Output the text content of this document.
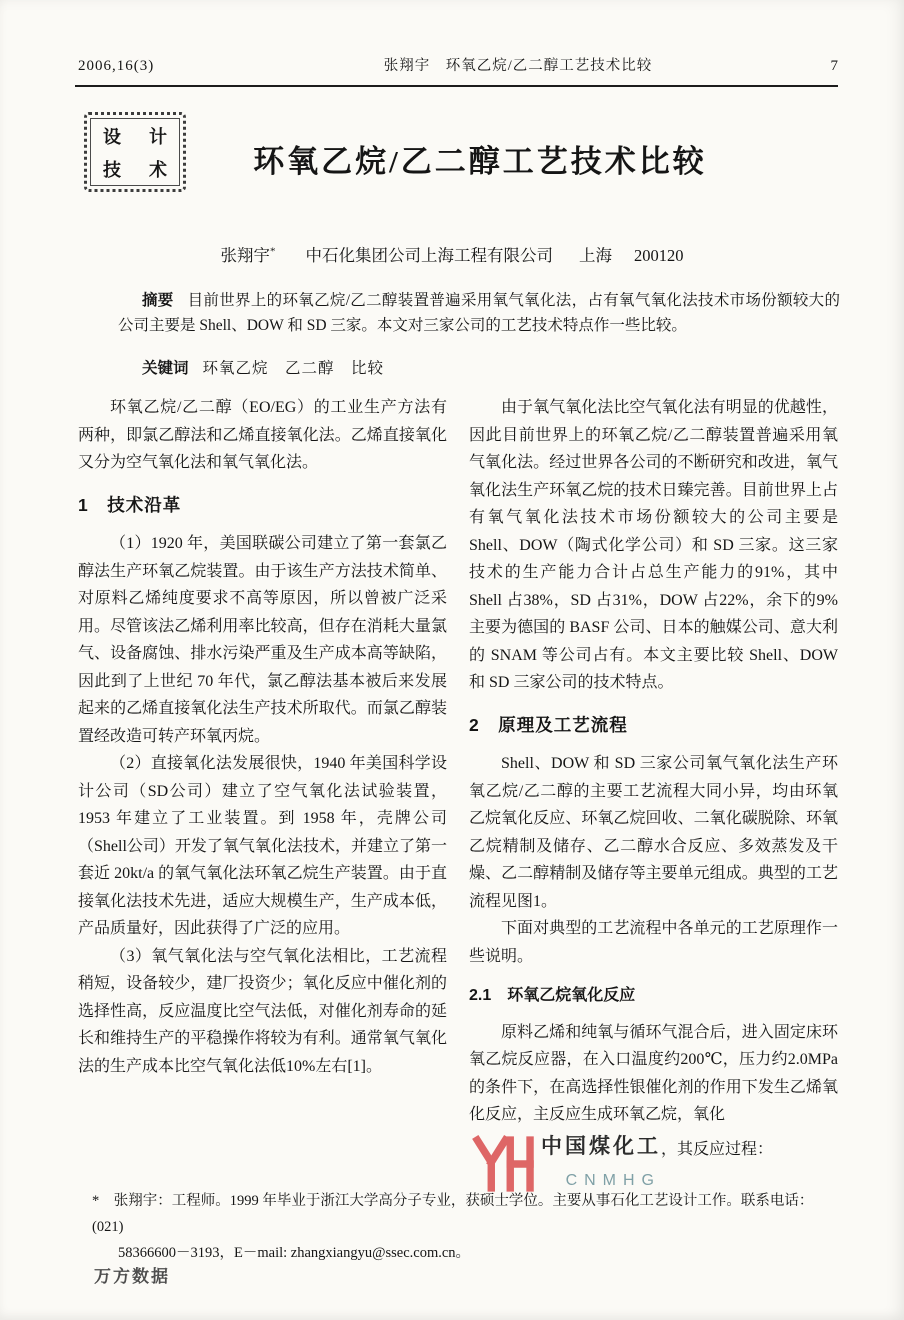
2006,16(3)	张翔宇　环氧乙烷/乙二醇工艺技术比较	7
设 计
技 术	环氧乙烷/乙二醇工艺技术比较
张翔宇* 中石化集团公司上海工程有限公司 上海 200120

摘要 目前世界上的环氧乙烷/乙二醇装置普遍采用氧气氧化法，占有氧气氧化法技术市场份额较大的公司主要是 Shell、DOW 和 SD 三家。本文对三家公司的工艺技术特点作一些比较。

关键词 环氧乙烷　乙二醇　比较

环氧乙烷/乙二醇（EO/EG）的工业生产方法有两种，即氯乙醇法和乙烯直接氧化法。乙烯直接氧化又分为空气氧化法和氧气氧化法。

1　技术沿革

（1）1920 年，美国联碳公司建立了第一套氯乙醇法生产环氧乙烷装置。由于该生产方法技术简单、对原料乙烯纯度要求不高等原因，所以曾被广泛采用。尽管该法乙烯利用率比较高，但存在消耗大量氯气、设备腐蚀、排水污染严重及生产成本高等缺陷，因此到了上世纪 70 年代，氯乙醇法基本被后来发展起来的乙烯直接氧化法生产技术所取代。而氯乙醇装置经改造可转产环氧丙烷。

（2）直接氧化法发展很快，1940 年美国科学设计公司（SD公司）建立了空气氧化法试验装置，1953 年建立了工业装置。到 1958 年，壳牌公司（Shell公司）开发了氧气氧化法技术，并建立了第一套近 20kt/a 的氧气氧化法环氧乙烷生产装置。由于直接氧化法技术先进，适应大规模生产，生产成本低，产品质量好，因此获得了广泛的应用。

（3）氧气氧化法与空气氧化法相比，工艺流程稍短，设备较少，建厂投资少；氧化反应中催化剂的选择性高，反应温度比空气法低，对催化剂寿命的延长和维持生产的平稳操作将较为有利。通常氧气氧化法的生产成本比空气氧化法低10%左右[1]。

由于氧气氧化法比空气氧化法有明显的优越性，因此目前世界上的环氧乙烷/乙二醇装置普遍采用氧气氧化法。经过世界各公司的不断研究和改进，氧气氧化法生产环氧乙烷的技术日臻完善。目前世界上占有氧气氧化法技术市场份额较大的公司主要是 Shell、DOW（陶式化学公司）和 SD 三家。这三家技术的生产能力合计占总生产能力的91%，其中 Shell 占38%，SD 占31%，DOW 占22%，余下的9%主要为德国的 BASF 公司、日本的触媒公司、意大利的 SNAM 等公司占有。本文主要比较 Shell、DOW 和 SD 三家公司的技术特点。

2　原理及工艺流程

Shell、DOW 和 SD 三家公司氧气氧化法生产环氧乙烷/乙二醇的主要工艺流程大同小异，均由环氧乙烷氧化反应、环氧乙烷回收、二氧化碳脱除、环氧乙烷精制及储存、乙二醇水合反应、多效蒸发及干燥、乙二醇精制及储存等主要单元组成。典型的工艺流程见图1。

下面对典型的工艺流程中各单元的工艺原理作一些说明。

2.1　环氧乙烷氧化反应

原料乙烯和纯氧与循环气混合后，进入固定床环氧乙烷反应器，在入口温度约200℃，压力约2.0MPa的条件下，在高选择性银催化剂的作用下发生乙烯氧化反应，主反应生成环氧乙烷，氧化

中国煤化工
CNMHG
，其反应过程：
*　张翔宇：工程师。1999 年毕业于浙江大学高分子专业，获硕士学位。主要从事石化工艺设计工作。联系电话： (021)
58366600－3193，E－mail: zhangxiangyu@ssec.com.cn。
万方数据
